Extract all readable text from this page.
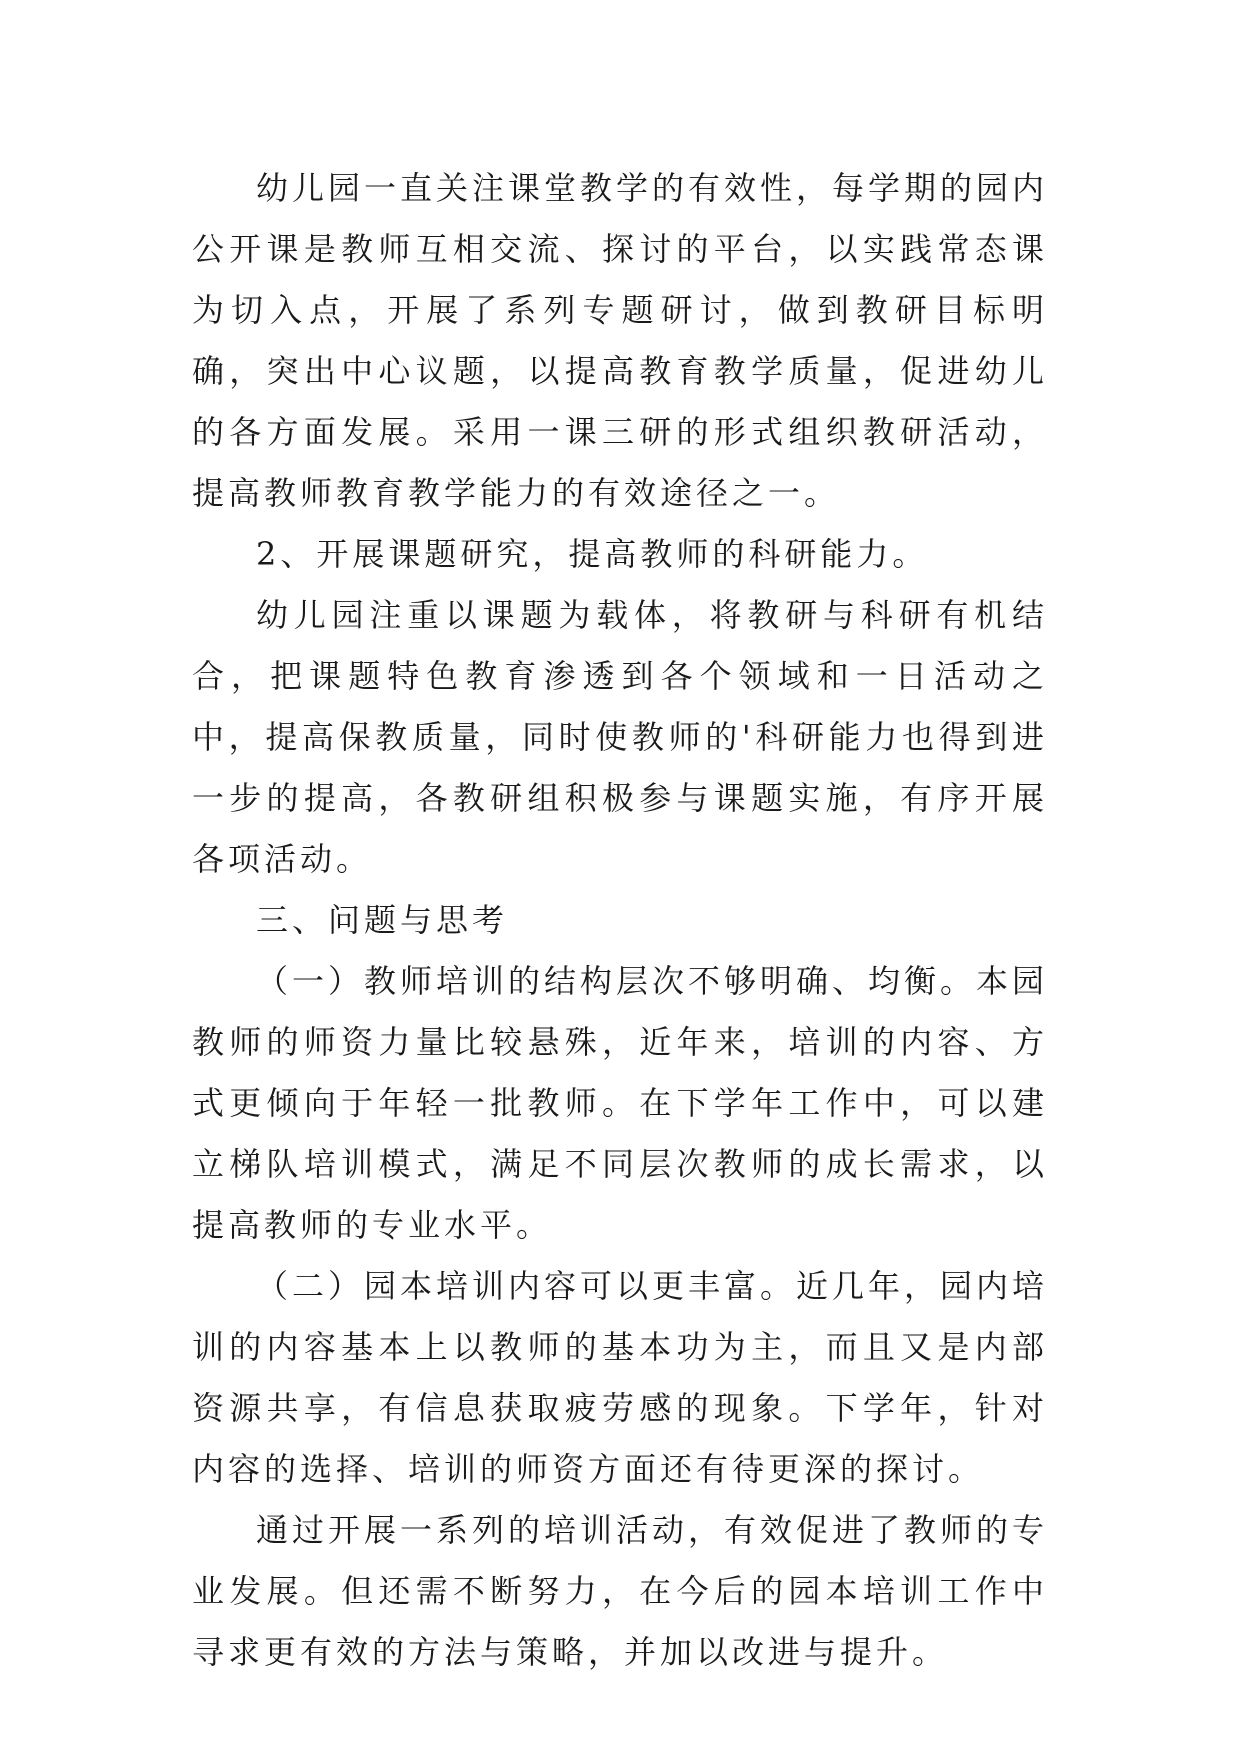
幼儿园一直关注课堂教学的有效性，每学期的园内公开课是教师互相交流、探讨的平台，以实践常态课为切入点，开展了系列专题研讨，做到教研目标明确，突出中心议题，以提高教育教学质量，促进幼儿的各方面发展。采用一课三研的形式组织教研活动，提高教师教育教学能力的有效途径之一。

2、开展课题研究，提高教师的科研能力。

幼儿园注重以课题为载体，将教研与科研有机结合，把课题特色教育渗透到各个领域和一日活动之中，提高保教质量，同时使教师的'科研能力也得到进一步的提高，各教研组积极参与课题实施，有序开展各项活动。

三、问题与思考

（一）教师培训的结构层次不够明确、均衡。本园教师的师资力量比较悬殊，近年来，培训的内容、方式更倾向于年轻一批教师。在下学年工作中，可以建立梯队培训模式，满足不同层次教师的成长需求，以提高教师的专业水平。

（二）园本培训内容可以更丰富。近几年，园内培训的内容基本上以教师的基本功为主，而且又是内部资源共享，有信息获取疲劳感的现象。下学年，针对内容的选择、培训的师资方面还有待更深的探讨。

通过开展一系列的培训活动，有效促进了教师的专业发展。但还需不断努力，在今后的园本培训工作中寻求更有效的方法与策略，并加以改进与提升。
